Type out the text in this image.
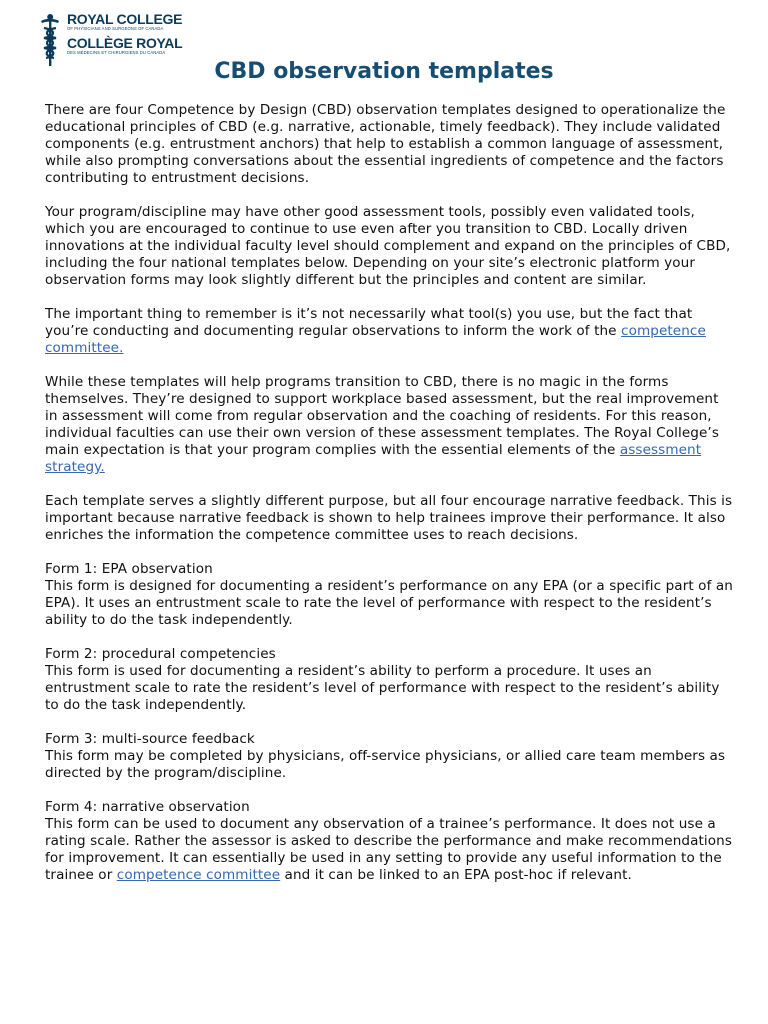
ROYAL COLLEGE
OF PHYSICIANS AND SURGEONS OF CANADA
COLLÈGE ROYAL
DES MÉDECINS ET CHIRURGIENS DU CANADA
CBD observation templates

There are four Competence by Design (CBD) observation templates designed to operationalize the educational principles of CBD (e.g. narrative, actionable, timely feedback). They include validated components (e.g. entrustment anchors) that help to establish a common language of assessment, while also prompting conversations about the essential ingredients of competence and the factors contributing to entrustment decisions.

Your program/discipline may have other good assessment tools, possibly even validated tools, which you are encouraged to continue to use even after you transition to CBD. Locally driven innovations at the individual faculty level should complement and expand on the principles of CBD, including the four national templates below. Depending on your site’s electronic platform your observation forms may look slightly different but the principles and content are similar.

The important thing to remember is it’s not necessarily what tool(s) you use, but the fact that you’re conducting and documenting regular observations to inform the work of the competence committee.

While these templates will help programs transition to CBD, there is no magic in the forms themselves. They’re designed to support workplace based assessment, but the real improvement in assessment will come from regular observation and the coaching of residents. For this reason, individual faculties can use their own version of these assessment templates. The Royal College’s main expectation is that your program complies with the essential elements of the assessment strategy.

Each template serves a slightly different purpose, but all four encourage narrative feedback. This is important because narrative feedback is shown to help trainees improve their performance. It also enriches the information the competence committee uses to reach decisions.

Form 1: EPA observation
This form is designed for documenting a resident’s performance on any EPA (or a specific part of an EPA). It uses an entrustment scale to rate the level of performance with respect to the resident’s ability to do the task independently.

Form 2: procedural competencies
This form is used for documenting a resident’s ability to perform a procedure. It uses an entrustment scale to rate the resident’s level of performance with respect to the resident’s ability to do the task independently.

Form 3: multi-source feedback
This form may be completed by physicians, off-service physicians, or allied care team members as directed by the program/discipline.

Form 4: narrative observation
This form can be used to document any observation of a trainee’s performance. It does not use a rating scale. Rather the assessor is asked to describe the performance and make recommendations for improvement. It can essentially be used in any setting to provide any useful information to the trainee or competence committee and it can be linked to an EPA post-hoc if relevant.
